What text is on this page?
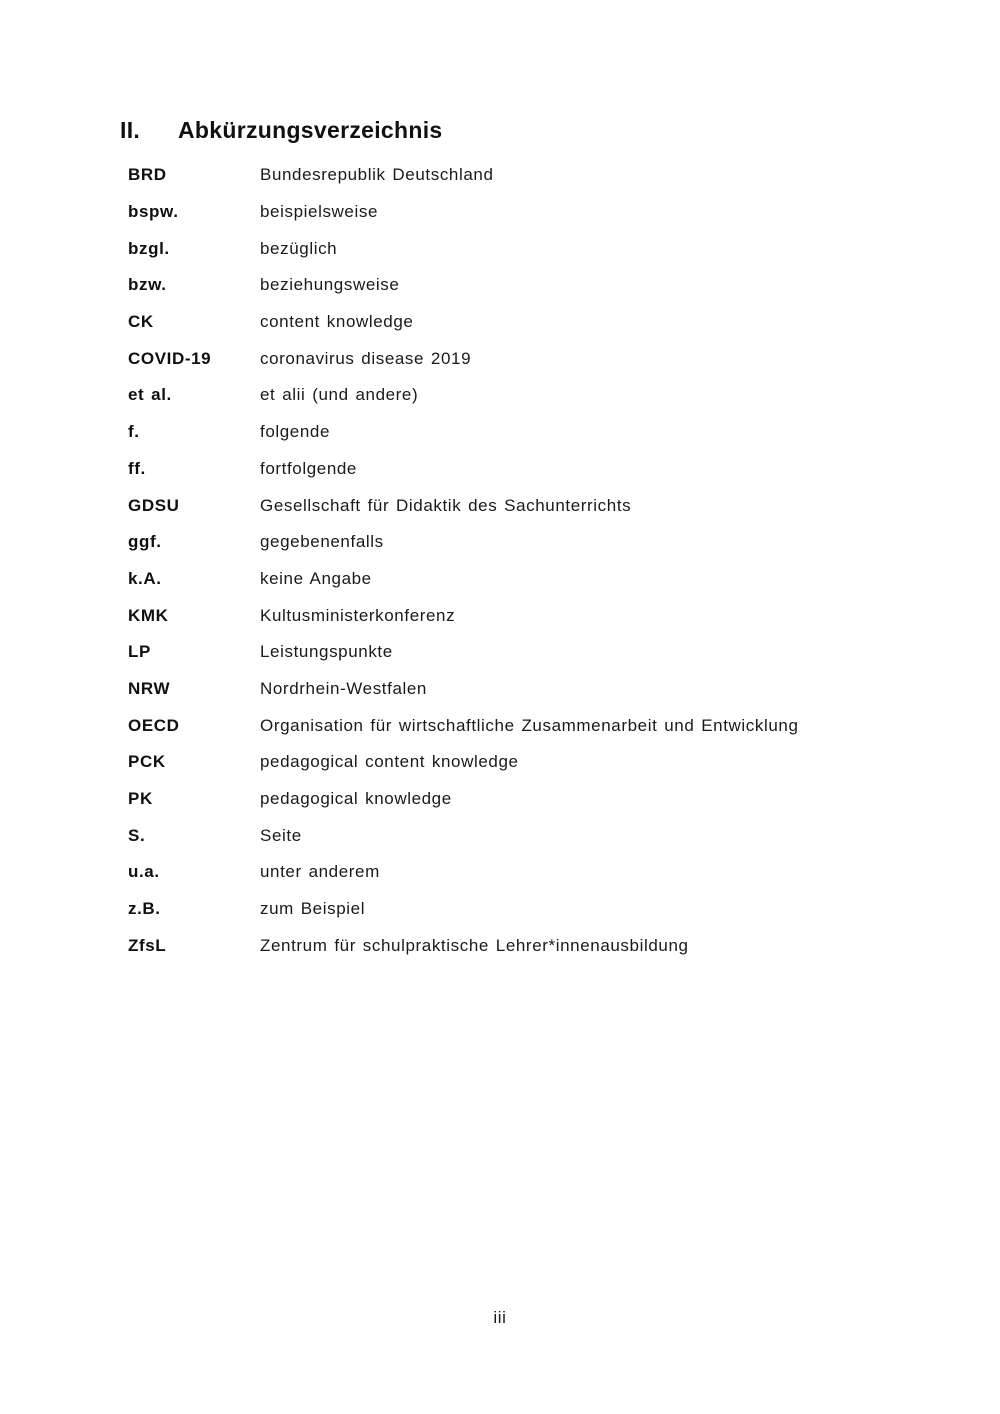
II.	Abkürzungsverzeichnis
BRD	Bundesrepublik Deutschland
bspw.	beispielsweise
bzgl.	bezüglich
bzw.	beziehungsweise
CK	content knowledge
COVID-19	coronavirus disease 2019
et al.	et alii (und andere)
f.	folgende
ff.	fortfolgende
GDSU	Gesellschaft für Didaktik des Sachunterrichts
ggf.	gegebenenfalls
k.A.	keine Angabe
KMK	Kultusministerkonferenz
LP	Leistungspunkte
NRW	Nordrhein-Westfalen
OECD	Organisation für wirtschaftliche Zusammenarbeit und Entwicklung
PCK	pedagogical content knowledge
PK	pedagogical knowledge
S.	Seite
u.a.	unter anderem
z.B.	zum Beispiel
ZfsL	Zentrum für schulpraktische Lehrer*innenausbildung
iii
